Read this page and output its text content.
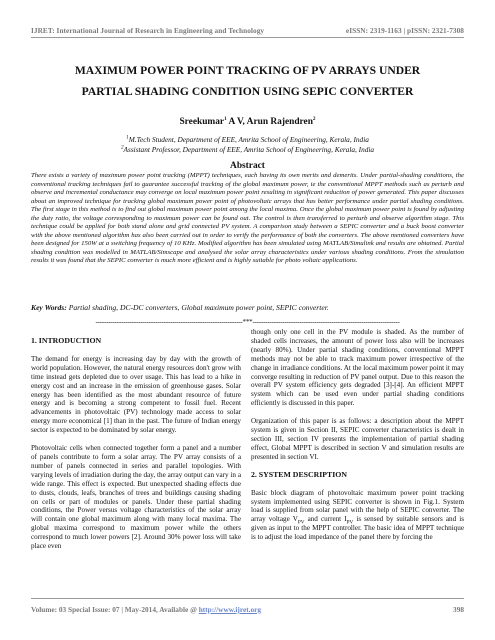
IJRET: International Journal of Research in Engineering and Technology	eISSN: 2319-1163 | pISSN: 2321-7308
MAXIMUM POWER POINT TRACKING OF PV ARRAYS UNDER
PARTIAL SHADING CONDITION USING SEPIC CONVERTER
Sreekumar$^1$ A V, Arun Rajendren$^2$
$^1$M.Tech Student, Department of EEE, Amrita School of Engineering, Kerala, India
$^2$Assistant Professor, Department of EEE, Amrita School of Engineering, Kerala, India
Abstract
There exists a variety of maximum power point tracking (MPPT) techniques, each having its own merits and demerits. Under partial-shading conditions, the conventional tracking techniques fail to guarantee successful tracking of the global maximum power, ie the conventional MPPT methods such as perturb and observe and incremental conductance may converge on local maximum power point resulting in significant reduction of power generated. This paper discusses about an improved technique for tracking global maximum power point of photovoltaic arrays that has better performance under partial shading conditions. The first stage in this method is to find out global maximum power point among the local maxima. Once the global maximum power point is found by adjusting the duty ratio, the voltage corresponding to maximum power can be found out. The control is then transferred to perturb and observe algorithm stage. This technique could be applied for both stand alone and grid connected PV system. A comparison study between a SEPIC converter and a buck boost converter with the above mentioned algorithm has also been carried out in order to verify the performance of both the converters. The above mentioned converters have been designed for 150W at a switching frequency of 10 KHz. Modified algorithm has been simulated using MATLAB/Simulink and results are obtained. Partial shading condition was modelled in MATLAB/Simscape and analysed the solar array characteristics under various shading conditions. From the simulation results it was found that the SEPIC converter is much more efficient and is highly suitable for photo voltaic applications.
Key Words: Partial shading, DC-DC converters, Global maximum power point, SEPIC converter.
---------------------------------------------------------------------***---------------------------------------------------------------------
1. INTRODUCTION

The demand for energy is increasing day by day with the growth of world population. However, the natural energy resources don't grow with time instead gets depleted due to over usage. This has lead to a hike in energy cost and an increase in the emission of greenhouse gases. Solar energy has been identified as the most abundant resource of future energy and is becoming a strong competent to fossil fuel. Recent advancements in photovoltaic (PV) technology made access to solar energy more economical [1] than in the past. The future of Indian energy sector is expected to be dominated by solar energy.

Photovoltaic cells when connected together form a panel and a number of panels contribute to form a solar array. The PV array consists of a number of panels connected in series and parallel topologies. With varying levels of irradiation during the day, the array output can vary in a wide range. This effect is expected. But unexpected shading effects due to dusts, clouds, leafs, branches of trees and buildings causing shading on cells or part of modules or panels. Under these partial shading conditions, the Power versus voltage characteristics of the solar array will contain one global maximum along with many local maxima. The global maxima correspond to maximum power while the others correspond to much lower powers [2]. Around 30% power loss will take place even

though only one cell in the PV module is shaded. As the number of shaded cells increases, the amount of power loss also will be increases (nearly 80%). Under partial shading conditions, conventional MPPT methods may not be able to track maximum power irrespective of the change in irradiance conditions. At the local maximum power point it may converge resulting in reduction of PV panel output. Due to this reason the overall PV system efficiency gets degraded [3]-[4]. An efficient MPPT system which can be used even under partial shading conditions efficiently is discussed in this paper.

Organization of this paper is as follows: a description about the MPPT system is given in Section II, SEPIC converter characteristics is dealt in section III, section IV presents the implementation of partial shading effect, Global MPPT is described in section V and simulation results are presented in section VI.

2. SYSTEM DESCRIPTION

Basic block diagram of photovoltaic maximum power point tracking system implemented using SEPIC converter is shown in Fig.1. System load is supplied from solar panel with the help of SEPIC converter. The array voltage $V_{PV}$ and current $I_{PV}$ is sensed by suitable sensors and is given as input to the MPPT controller. The basic idea of MPPT technique is to adjust the load impedance of the panel there by forcing the

Volume: 03 Special Issue: 07 | May-2014, Available @ http://www.ijret.org	398
